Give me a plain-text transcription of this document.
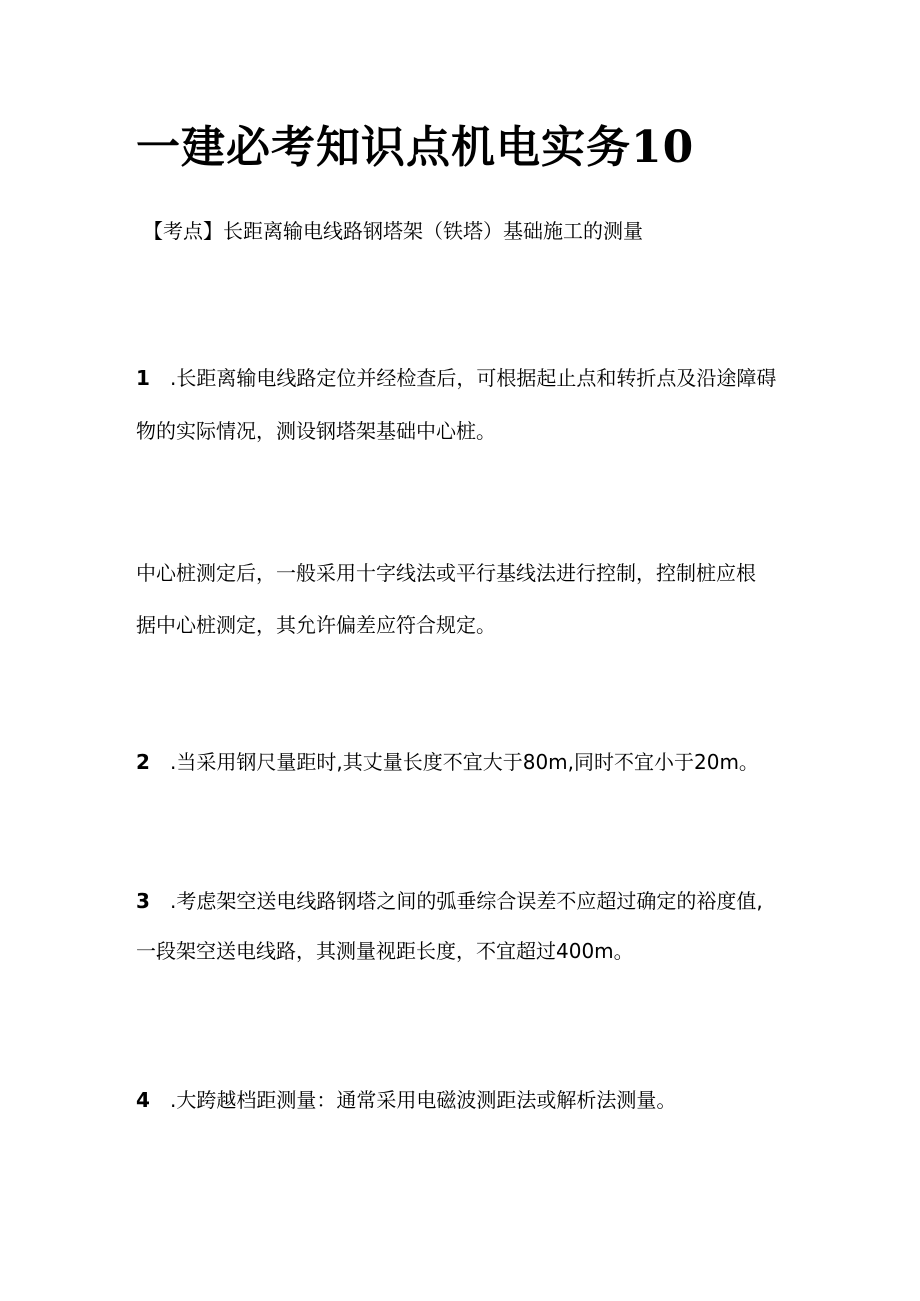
一建必考知识点机电实务10
【考点】长距离输电线路钢塔架（铁塔）基础施工的测量
1 .长距离输电线路定位并经检查后，可根据起止点和转折点及沿途障碍
物的实际情况，测设钢塔架基础中心桩。
中心桩测定后，一般采用十字线法或平行基线法进行控制，控制桩应根
据中心桩测定，其允许偏差应符合规定。
2 .当采用钢尺量距时,其丈量长度不宜大于80m,同时不宜小于20m。
3 .考虑架空送电线路钢塔之间的弧垂综合误差不应超过确定的裕度值,
一段架空送电线路，其测量视距长度，不宜超过400m。
4 .大跨越档距测量：通常采用电磁波测距法或解析法测量。
